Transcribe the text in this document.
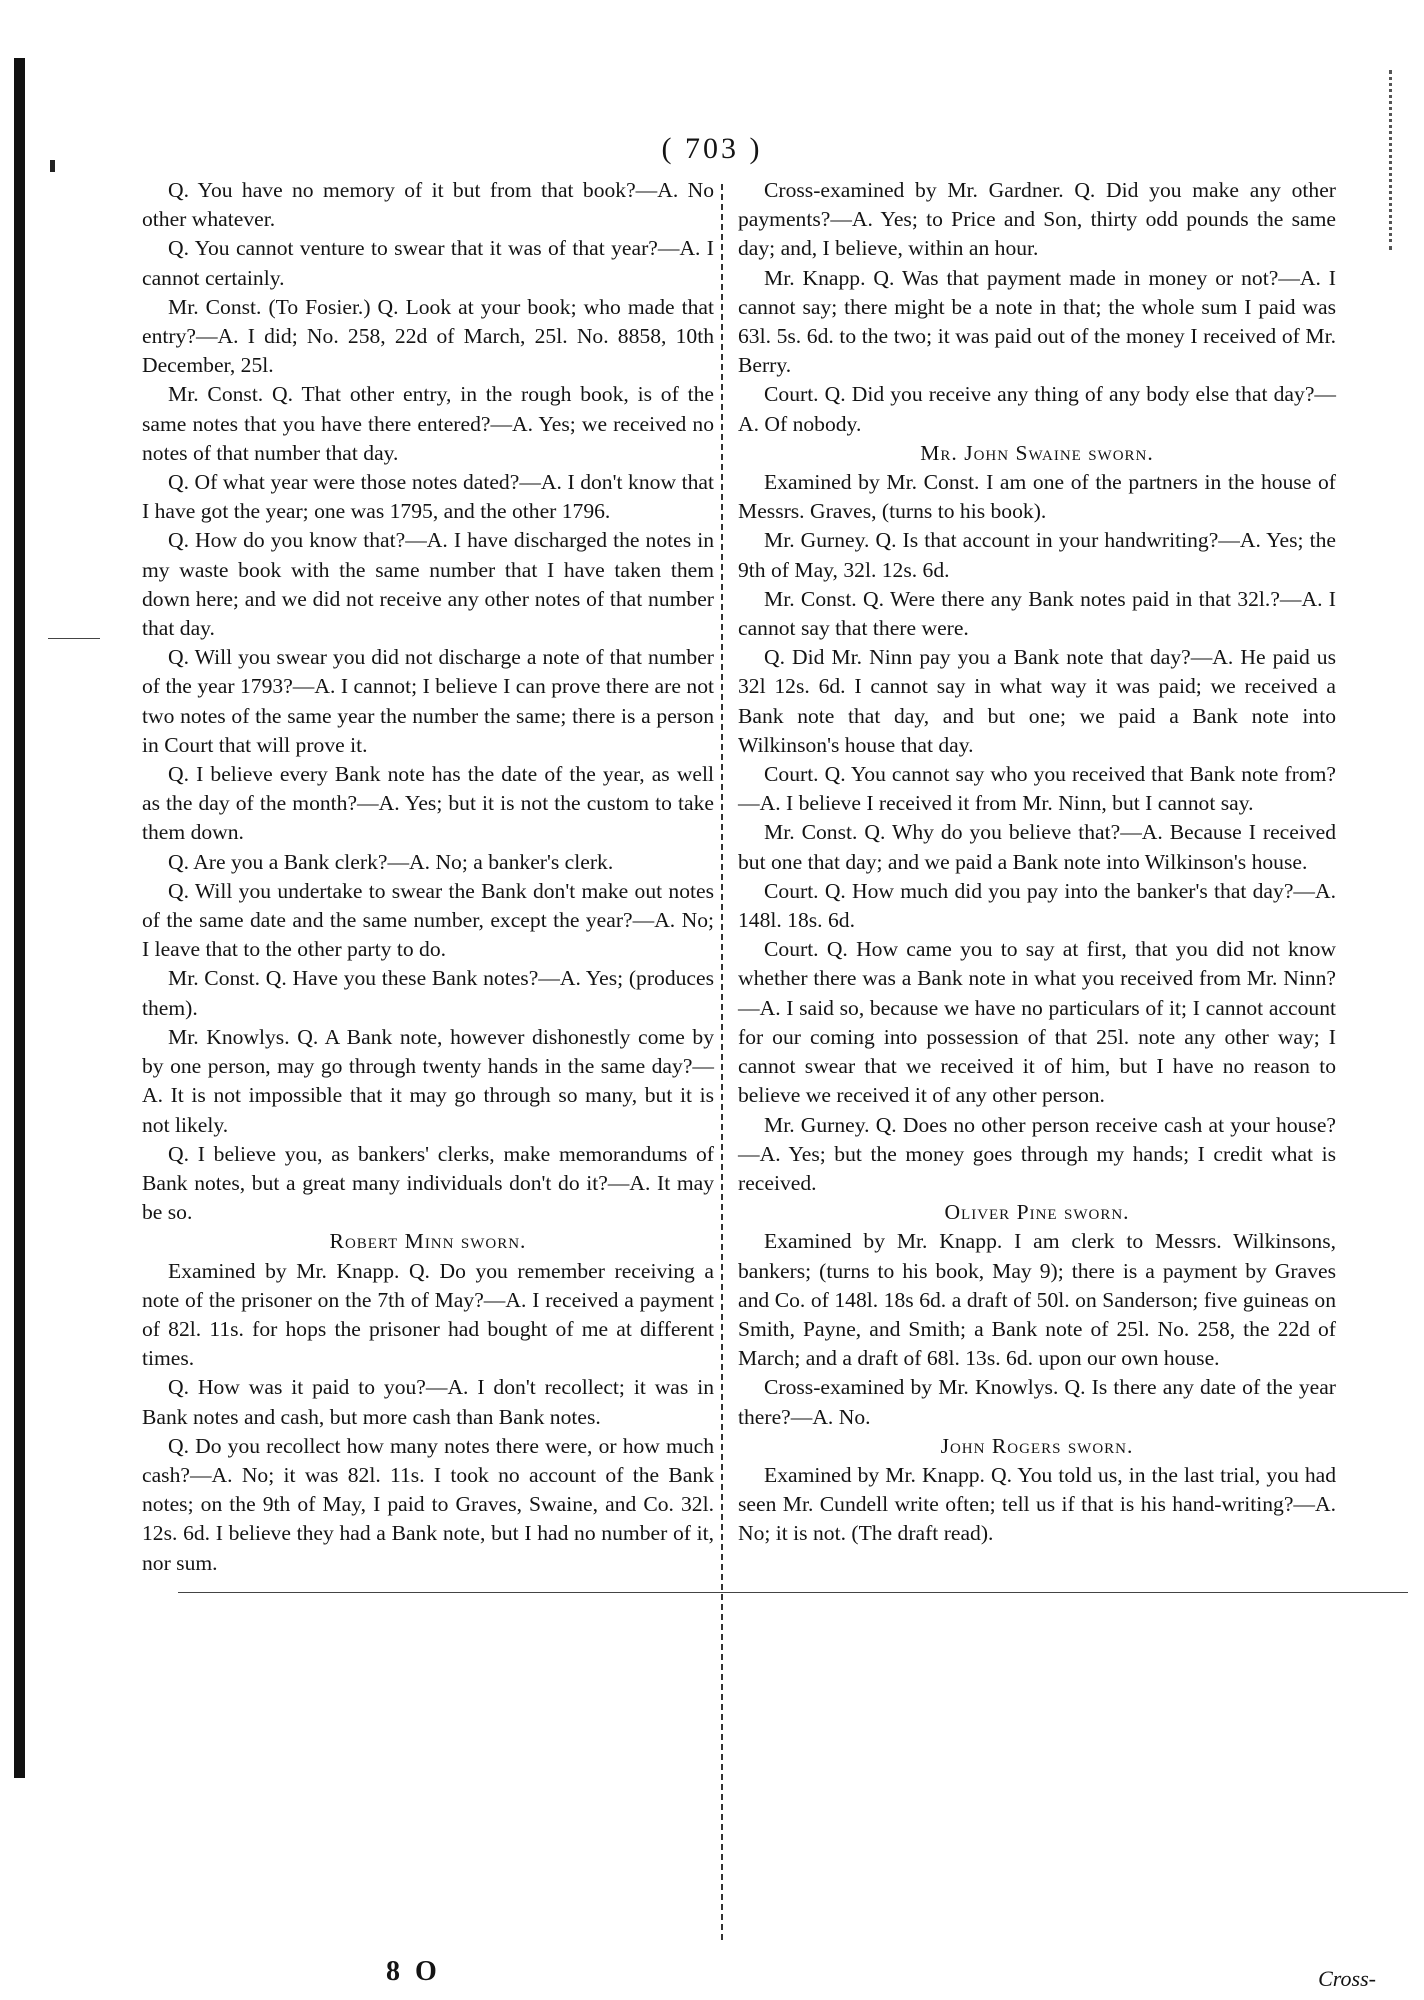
( 703 )

Q. You have no memory of it but from that book?—A. No other whatever.

Q. You cannot venture to swear that it was of that year?—A. I cannot certainly.

Mr. Const. (To Fosier.) Q. Look at your book; who made that entry?—A. I did; No. 258, 22d of March, 25l. No. 8858, 10th December, 25l.

Mr. Const. Q. That other entry, in the rough book, is of the same notes that you have there entered?—A. Yes; we received no notes of that number that day.

Q. Of what year were those notes dated?—A. I don't know that I have got the year; one was 1795, and the other 1796.

Q. How do you know that?—A. I have discharged the notes in my waste book with the same number that I have taken them down here; and we did not receive any other notes of that number that day.

Q. Will you swear you did not discharge a note of that number of the year 1793?—A. I cannot; I believe I can prove there are not two notes of the same year the number the same; there is a person in Court that will prove it.

Q. I believe every Bank note has the date of the year, as well as the day of the month?—A. Yes; but it is not the custom to take them down.

Q. Are you a Bank clerk?—A. No; a banker's clerk.

Q. Will you undertake to swear the Bank don't make out notes of the same date and the same number, except the year?—A. No; I leave that to the other party to do.

Mr. Const. Q. Have you these Bank notes?—A. Yes; (produces them).

Mr. Knowlys. Q. A Bank note, however dishonestly come by by one person, may go through twenty hands in the same day?—A. It is not impossible that it may go through so many, but it is not likely.

Q. I believe you, as bankers' clerks, make memorandums of Bank notes, but a great many individuals don't do it?—A. It may be so.

Robert Minn sworn.

Examined by Mr. Knapp. Q. Do you remember receiving a note of the prisoner on the 7th of May?—A. I received a payment of 82l. 11s. for hops the prisoner had bought of me at different times.

Q. How was it paid to you?—A. I don't recollect; it was in Bank notes and cash, but more cash than Bank notes.

Q. Do you recollect how many notes there were, or how much cash?—A. No; it was 82l. 11s. I took no account of the Bank notes; on the 9th of May, I paid to Graves, Swaine, and Co. 32l. 12s. 6d. I believe they had a Bank note, but I had no number of it, nor sum.

Cross-examined by Mr. Gardner. Q. Did you make any other payments?—A. Yes; to Price and Son, thirty odd pounds the same day; and, I believe, within an hour.

Mr. Knapp. Q. Was that payment made in money or not?—A. I cannot say; there might be a note in that; the whole sum I paid was 63l. 5s. 6d. to the two; it was paid out of the money I received of Mr. Berry.

Court. Q. Did you receive any thing of any body else that day?—A. Of nobody.

Mr. John Swaine sworn.

Examined by Mr. Const. I am one of the partners in the house of Messrs. Graves, (turns to his book).

Mr. Gurney. Q. Is that account in your handwriting?—A. Yes; the 9th of May, 32l. 12s. 6d.

Mr. Const. Q. Were there any Bank notes paid in that 32l.?—A. I cannot say that there were.

Q. Did Mr. Ninn pay you a Bank note that day?—A. He paid us 32l 12s. 6d. I cannot say in what way it was paid; we received a Bank note that day, and but one; we paid a Bank note into Wilkinson's house that day.

Court. Q. You cannot say who you received that Bank note from?—A. I believe I received it from Mr. Ninn, but I cannot say.

Mr. Const. Q. Why do you believe that?—A. Because I received but one that day; and we paid a Bank note into Wilkinson's house.

Court. Q. How much did you pay into the banker's that day?—A. 148l. 18s. 6d.

Court. Q. How came you to say at first, that you did not know whether there was a Bank note in what you received from Mr. Ninn?—A. I said so, because we have no particulars of it; I cannot account for our coming into possession of that 25l. note any other way; I cannot swear that we received it of him, but I have no reason to believe we received it of any other person.

Mr. Gurney. Q. Does no other person receive cash at your house?—A. Yes; but the money goes through my hands; I credit what is received.

Oliver Pine sworn.

Examined by Mr. Knapp. I am clerk to Messrs. Wilkinsons, bankers; (turns to his book, May 9); there is a payment by Graves and Co. of 148l. 18s 6d. a draft of 50l. on Sanderson; five guineas on Smith, Payne, and Smith; a Bank note of 25l. No. 258, the 22d of March; and a draft of 68l. 13s. 6d. upon our own house.

Cross-examined by Mr. Knowlys. Q. Is there any date of the year there?—A. No.

John Rogers sworn.

Examined by Mr. Knapp. Q. You told us, in the last trial, you had seen Mr. Cundell write often; tell us if that is his hand-writing?—A. No; it is not. (The draft read).

8 O	Cross-
